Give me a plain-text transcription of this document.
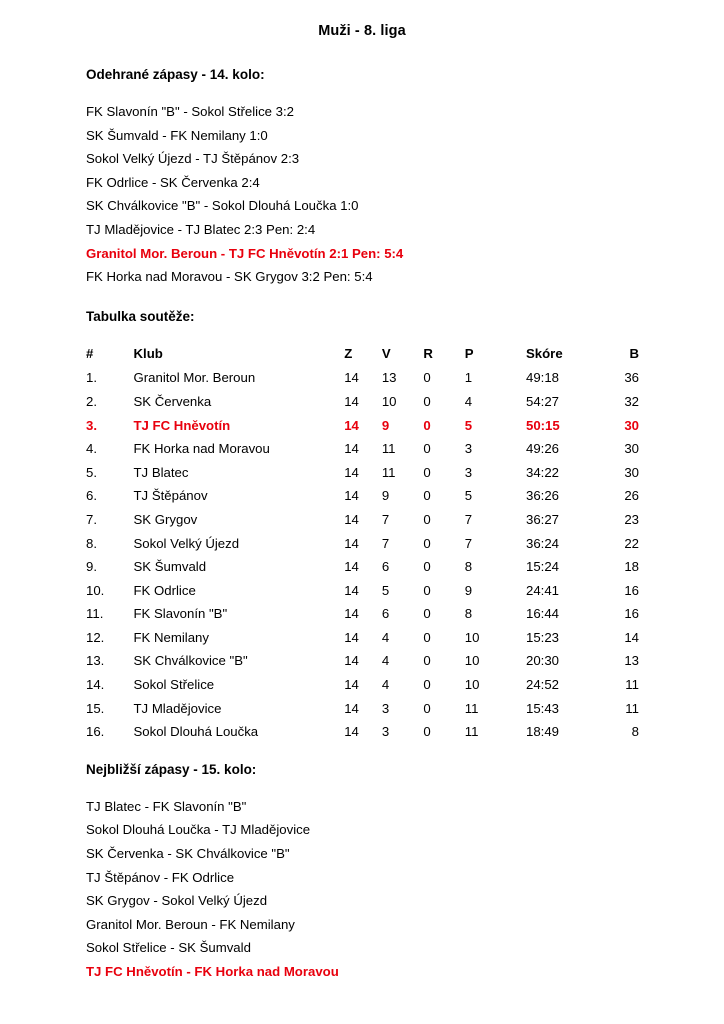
Muži - 8. liga
Odehrané zápasy - 14. kolo:
FK Slavonín "B" - Sokol Střelice 3:2
SK Šumvald - FK Nemilany 1:0
Sokol Velký Újezd - TJ Štěpánov 2:3
FK Odrlice - SK Červenka 2:4
SK Chválkovice "B" - Sokol Dlouhá Loučka 1:0
TJ Mladějovice - TJ Blatec 2:3 Pen: 2:4
Granitol Mor. Beroun - TJ FC Hněvotín 2:1 Pen: 5:4
FK Horka nad Moravou - SK Grygov 3:2 Pen: 5:4
Tabulka soutěže:
#	Klub	Z	V	R	P	Skóre	B
1.	Granitol Mor. Beroun	14	13	0	1	49:18	36
2.	SK Červenka	14	10	0	4	54:27	32
3.	TJ FC Hněvotín	14	9	0	5	50:15	30
4.	FK Horka nad Moravou	14	11	0	3	49:26	30
5.	TJ Blatec	14	11	0	3	34:22	30
6.	TJ Štěpánov	14	9	0	5	36:26	26
7.	SK Grygov	14	7	0	7	36:27	23
8.	Sokol Velký Újezd	14	7	0	7	36:24	22
9.	SK Šumvald	14	6	0	8	15:24	18
10.	FK Odrlice	14	5	0	9	24:41	16
11.	FK Slavonín "B"	14	6	0	8	16:44	16
12.	FK Nemilany	14	4	0	10	15:23	14
13.	SK Chválkovice "B"	14	4	0	10	20:30	13
14.	Sokol Střelice	14	4	0	10	24:52	11
15.	TJ Mladějovice	14	3	0	11	15:43	11
16.	Sokol Dlouhá Loučka	14	3	0	11	18:49	8
Nejbližší zápasy - 15. kolo:
TJ Blatec - FK Slavonín "B"
Sokol Dlouhá Loučka - TJ Mladějovice
SK Červenka - SK Chválkovice "B"
TJ Štěpánov - FK Odrlice
SK Grygov - Sokol Velký Újezd
Granitol Mor. Beroun - FK Nemilany
Sokol Střelice - SK Šumvald
TJ FC Hněvotín - FK Horka nad Moravou
